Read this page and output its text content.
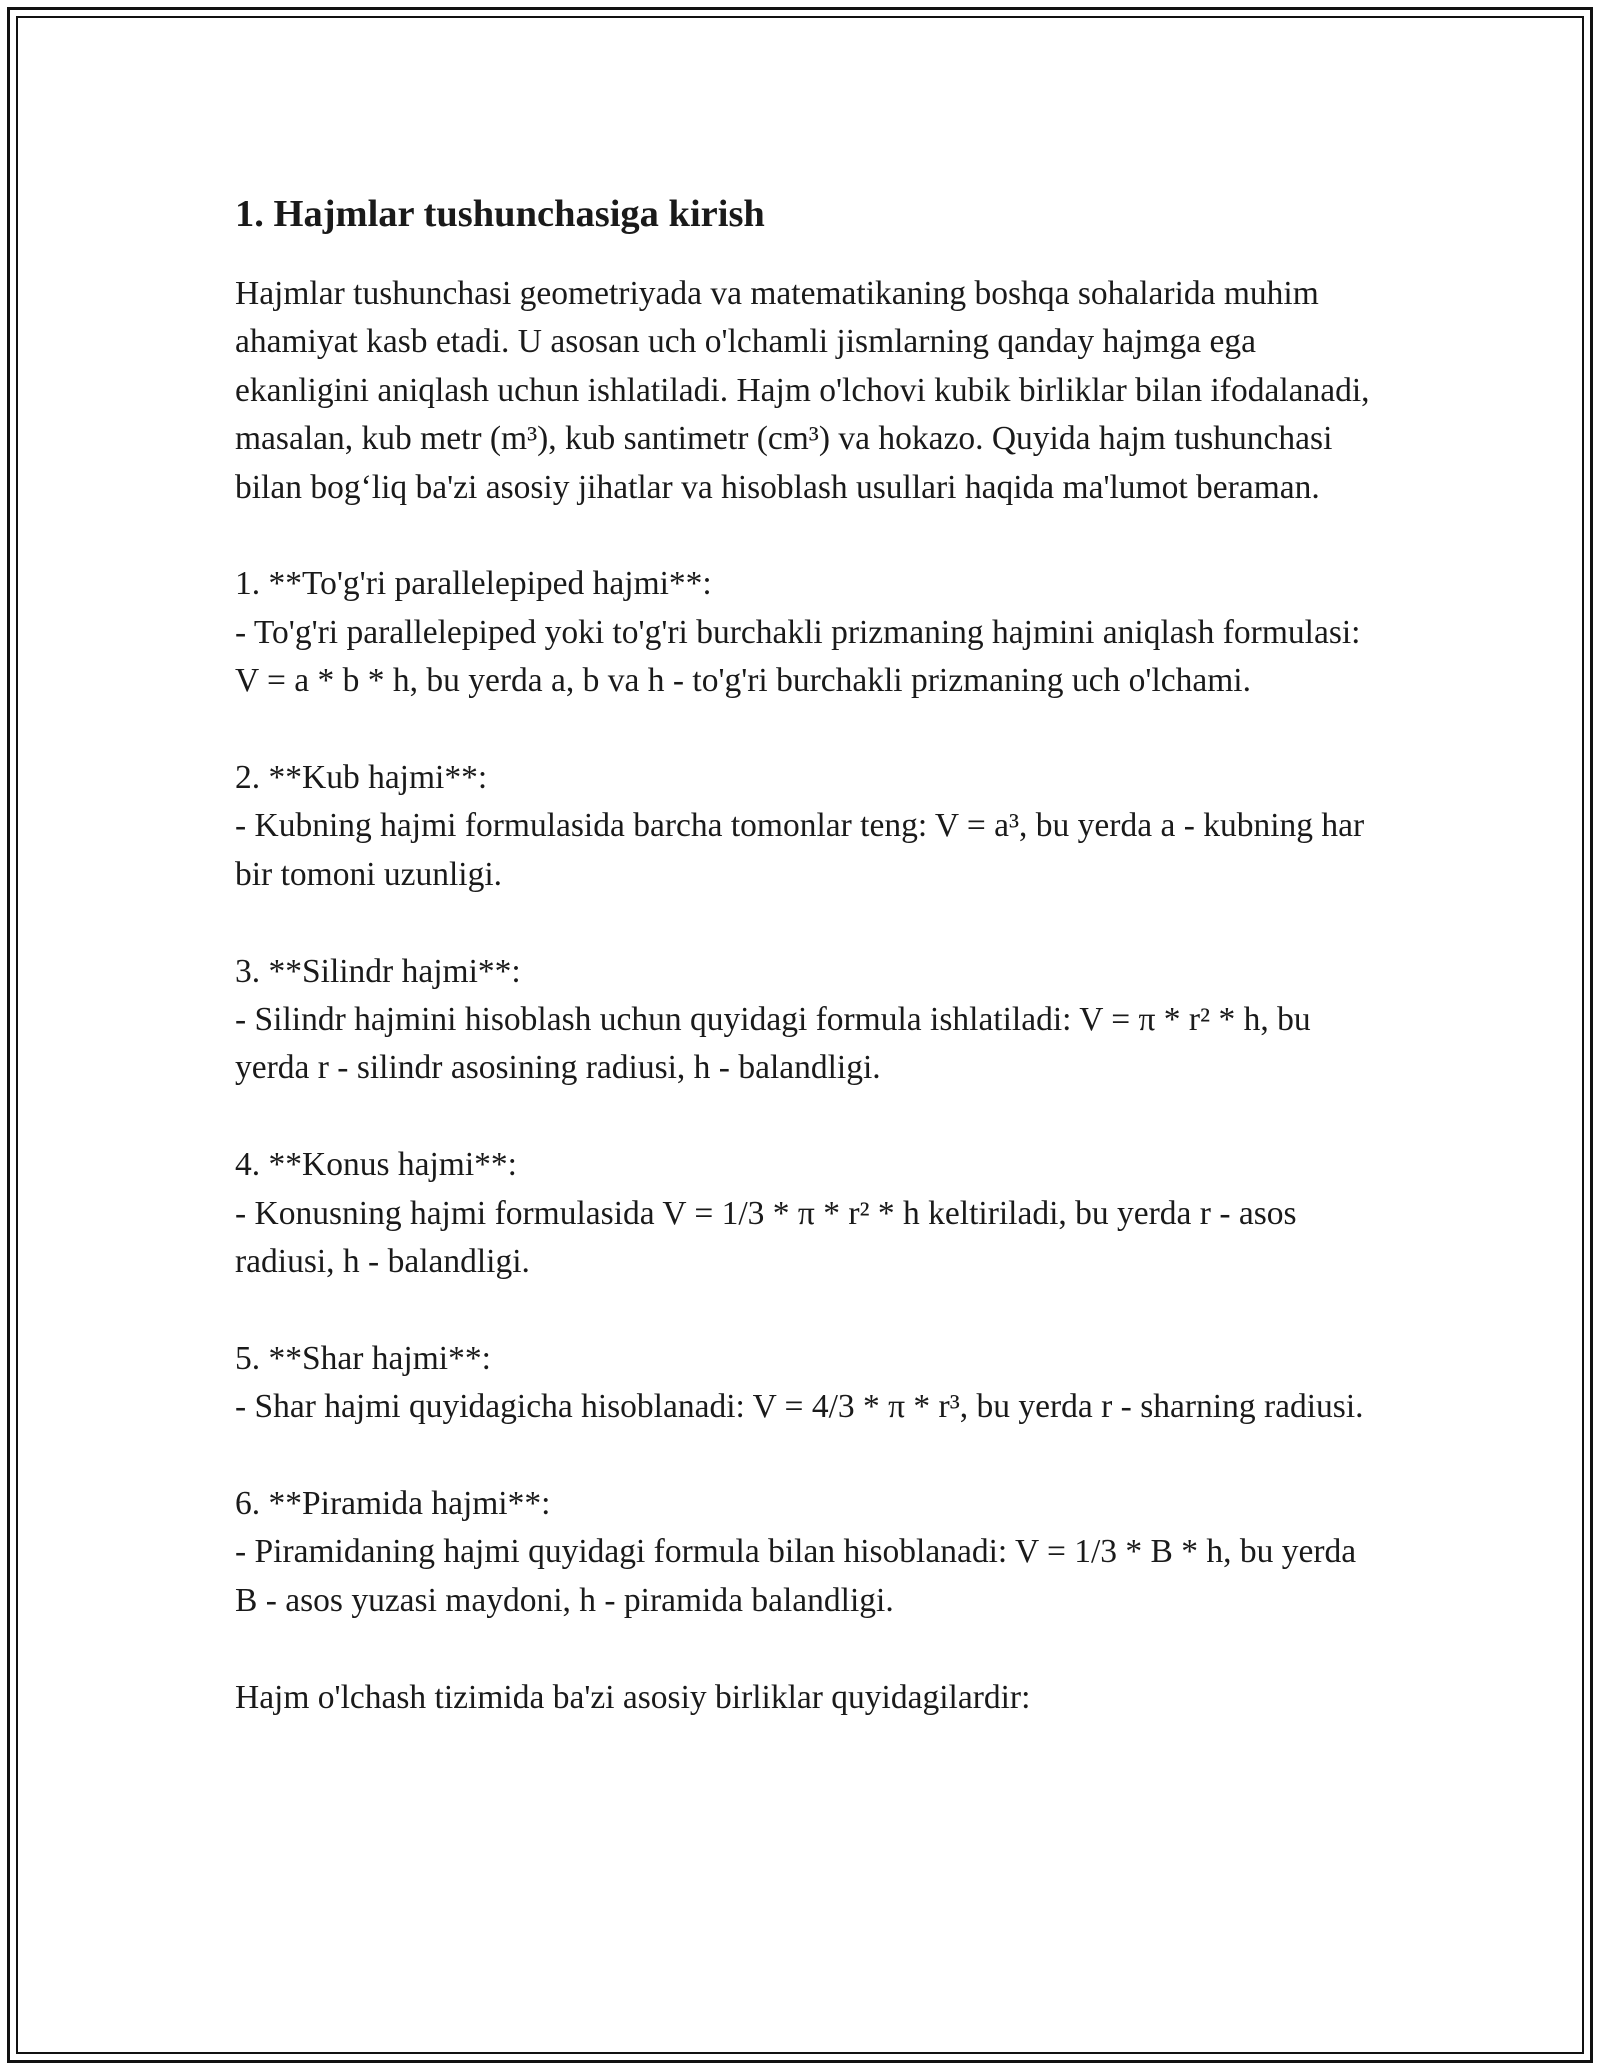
1. Hajmlar tushunchasiga kirish

Hajmlar tushunchasi geometriyada va matematikaning boshqa sohalarida muhim ahamiyat kasb etadi. U asosan uch o'lchamli jismlarning qanday hajmga ega ekanligini aniqlash uchun ishlatiladi. Hajm o'lchovi kubik birliklar bilan ifodalanadi, masalan, kub metr (m³), kub santimetr (cm³) va hokazo. Quyida hajm tushunchasi bilan bog‘liq ba'zi asosiy jihatlar va hisoblash usullari haqida ma'lumot beraman.

1. **To'g'ri parallelepiped hajmi**:

- To'g'ri parallelepiped yoki to'g'ri burchakli prizmaning hajmini aniqlash formulasi: V = a * b * h, bu yerda a, b va h - to'g'ri burchakli prizmaning uch o'lchami.

2. **Kub hajmi**:

- Kubning hajmi formulasida barcha tomonlar teng: V = a³, bu yerda a - kubning har bir tomoni uzunligi.

3. **Silindr hajmi**:

- Silindr hajmini hisoblash uchun quyidagi formula ishlatiladi: V = π * r² * h, bu yerda r - silindr asosining radiusi, h - balandligi.

4. **Konus hajmi**:

- Konusning hajmi formulasida V = 1/3 * π * r² * h keltiriladi, bu yerda r - asos radiusi, h - balandligi.

5. **Shar hajmi**:

- Shar hajmi quyidagicha hisoblanadi: V = 4/3 * π * r³, bu yerda r - sharning radiusi.

6. **Piramida hajmi**:

- Piramidaning hajmi quyidagi formula bilan hisoblanadi: V = 1/3 * B * h, bu yerda B - asos yuzasi maydoni, h - piramida balandligi.

Hajm o'lchash tizimida ba'zi asosiy birliklar quyidagilardir:
